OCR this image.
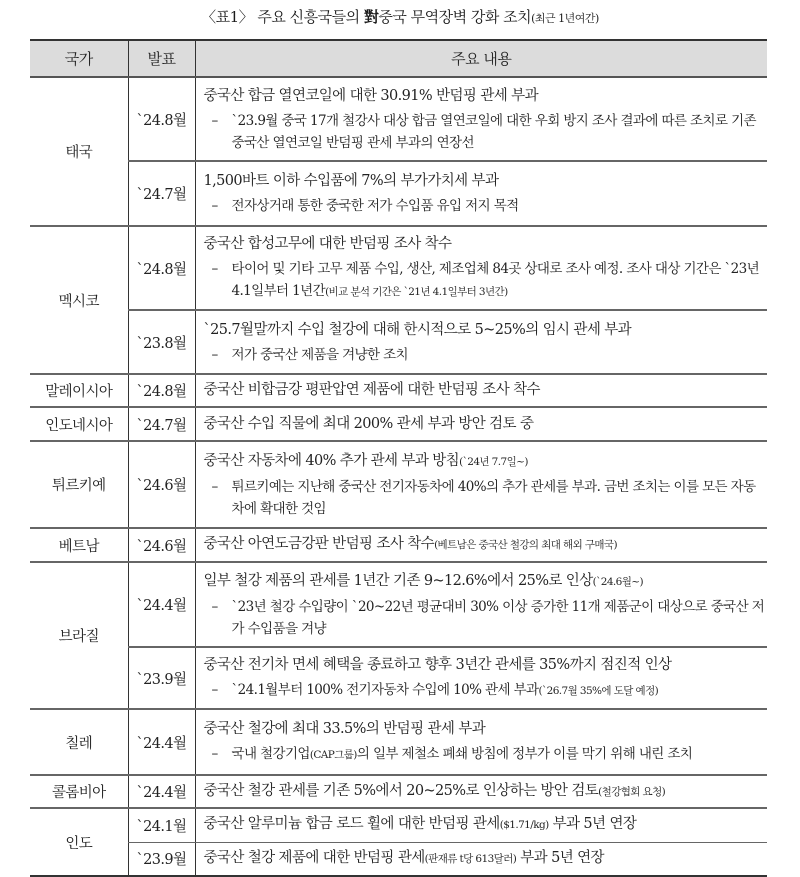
〈표1〉 주요 신흥국들의 對중국 무역장벽 강화 조치(최근 1년여간)
국가	발표	주요 내용
태국	`24.8월	중국산 합금 열연코일에 대한 30.91% 반덤핑 관세 부과
– `23.9월 중국 17개 철강사 대상 합금 열연코일에 대한 우회 방지 조사 결과에 따른 조치로 기존 중국산 열연코일 반덤핑 관세 부과의 연장선

	`24.7월	1,500바트 이하 수입품에 7%의 부가가치세 부과
– 전자상거래 통한 중국한 저가 수입품 유입 저지 목적

멕시코	`24.8월	중국산 합성고무에 대한 반덤핑 조사 착수
– 타이어 및 기타 고무 제품 수입, 생산, 제조업체 84곳 상대로 조사 예정. 조사 대상 기간은 `23년 4.1일부터 1년간(비교 분석 기간은 `21년 4.1일부터 3년간)

	`23.8월	`25.7월말까지 수입 철강에 대해 한시적으로 5~25%의 임시 관세 부과
– 저가 중국산 제품을 겨냥한 조치

말레이시아	`24.8월	중국산 비합금강 평판압연 제품에 대한 반덤핑 조사 착수

인도네시아	`24.7월	중국산 수입 직물에 최대 200% 관세 부과 방안 검토 중

튀르키예	`24.6월	중국산 자동차에 40% 추가 관세 부과 방침(`24년 7.7일~)
– 튀르키예는 지난해 중국산 전기자동차에 40%의 추가 관세를 부과. 금번 조치는 이를 모든 자동차에 확대한 것임

베트남	`24.6월	중국산 아연도금강판 반덤핑 조사 착수(베트남은 중국산 철강의 최대 해외 구매국)

브라질	`24.4월	일부 철강 제품의 관세를 1년간 기존 9~12.6%에서 25%로 인상(`24.6월~)
– `23년 철강 수입량이 `20~22년 평균대비 30% 이상 증가한 11개 제품군이 대상으로 중국산 저가 수입품을 겨냥

	`23.9월	중국산 전기차 면세 혜택을 종료하고 향후 3년간 관세를 35%까지 점진적 인상
– `24.1월부터 100% 전기자동차 수입에 10% 관세 부과(`26.7월 35%에 도달 예정)

칠레	`24.4월	중국산 철강에 최대 33.5%의 반덤핑 관세 부과
– 국내 철강기업(CAP그룹)의 일부 제철소 폐쇄 방침에 정부가 이를 막기 위해 내린 조치

콜롬비아	`24.4월	중국산 철강 관세를 기존 5%에서 20~25%로 인상하는 방안 검토(철강협회 요청)

인도	`24.1월	중국산 알루미늄 합금 로드 휠에 대한 반덤핑 관세($1.71/kg) 부과 5년 연장

	`23.9월	중국산 철강 제품에 대한 반덤핑 관세(판재류 t당 613달러) 부과 5년 연장
